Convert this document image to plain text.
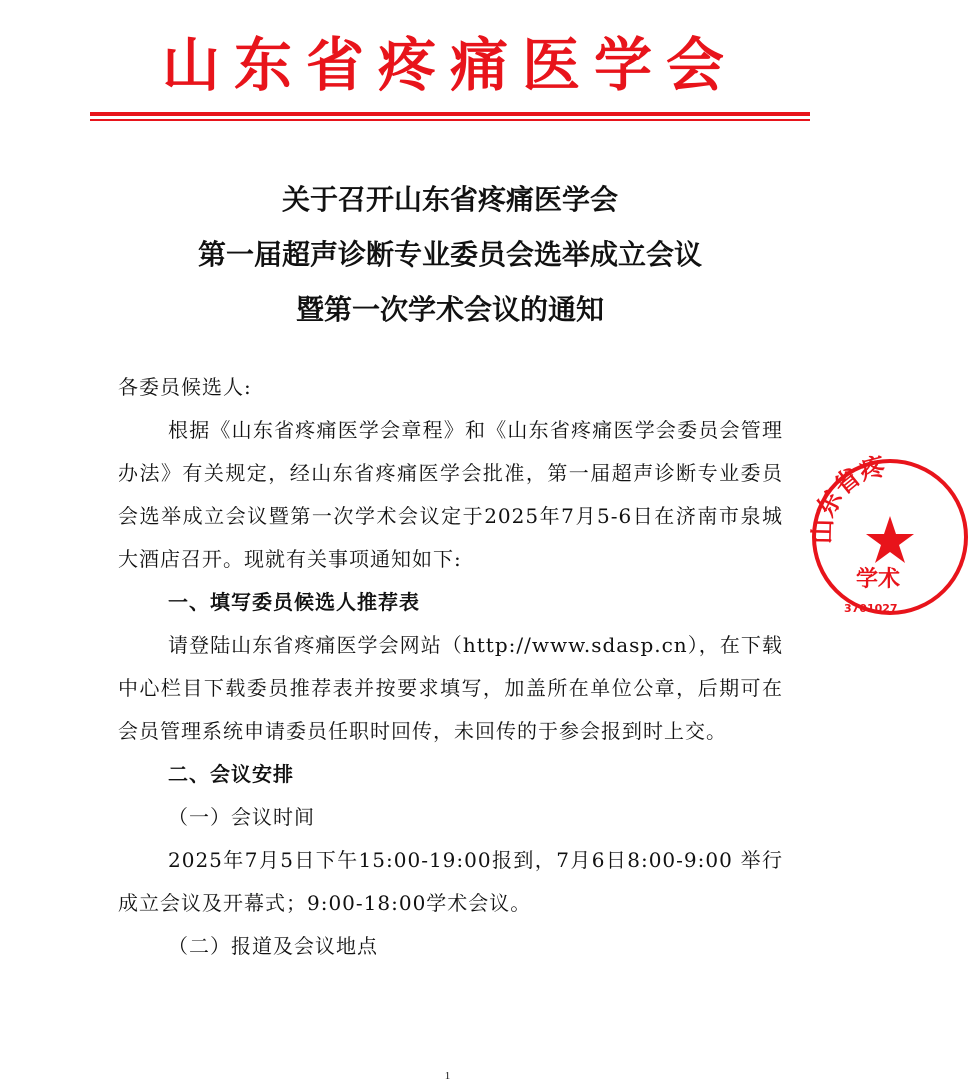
山东省疼痛医学会
关于召开山东省疼痛医学会
第一届超声诊断专业委员会选举成立会议
暨第一次学术会议的通知

各委员候选人:

根据《山东省疼痛医学会章程》和《山东省疼痛医学会委员会管理办法》有关规定，经山东省疼痛医学会批准，第一届超声诊断专业委员会选举成立会议暨第一次学术会议定于2025年7月5-6日在济南市泉城大酒店召开。现就有关事项通知如下:

一、填写委员候选人推荐表

请登陆山东省疼痛医学会网站（http://www.sdasp.cn），在下载中心栏目下载委员推荐表并按要求填写，加盖所在单位公章，后期可在会员管理系统申请委员任职时回传，未回传的于参会报到时上交。

二、会议安排

（一）会议时间

2025年7月5日下午15:00-19:00报到，7月6日8:00-9:00 举行成立会议及开幕式；9:00-18:00学术会议。

（二）报道及会议地点

山东省疼
学术
3701027
1
